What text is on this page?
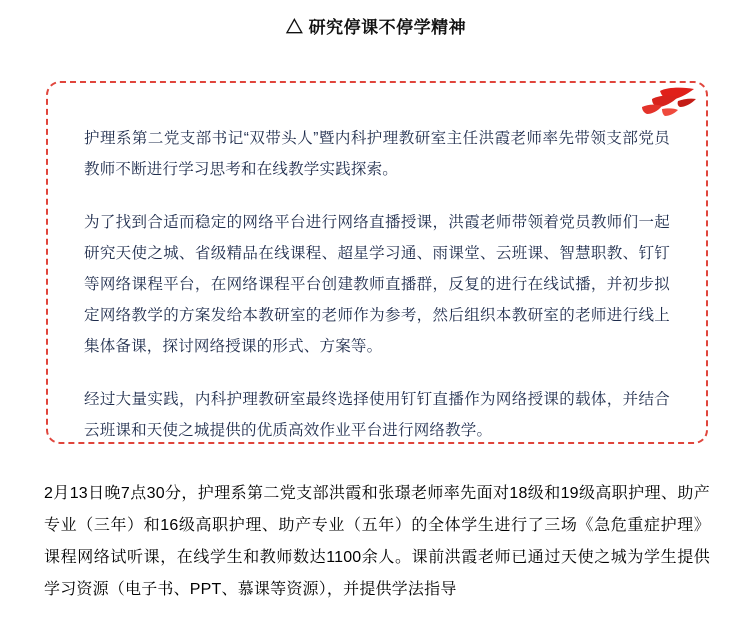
△ 研究停课不停学精神

护理系第二党支部书记“双带头人”暨内科护理教研室主任洪霞老师率先带领支部党员教师不断进行学习思考和在线教学实践探索。

为了找到合适而稳定的网络平台进行网络直播授课，洪霞老师带领着党员教师们一起研究天使之城、省级精品在线课程、超星学习通、雨课堂、云班课、智慧职教、钉钉等网络课程平台，在网络课程平台创建教师直播群，反复的进行在线试播，并初步拟定网络教学的方案发给本教研室的老师作为参考，然后组织本教研室的老师进行线上集体备课，探讨网络授课的形式、方案等。

经过大量实践，内科护理教研室最终选择使用钉钉直播作为网络授课的载体，并结合云班课和天使之城提供的优质高效作业平台进行网络教学。

2月13日晚7点30分，护理系第二党支部洪霞和张璟老师率先面对18级和19级高职护理、助产专业（三年）和16级高职护理、助产专业（五年）的全体学生进行了三场《急危重症护理》课程网络试听课，在线学生和教师数达1100余人。课前洪霞老师已通过天使之城为学生提供学习资源（电子书、PPT、慕课等资源），并提供学法指导
